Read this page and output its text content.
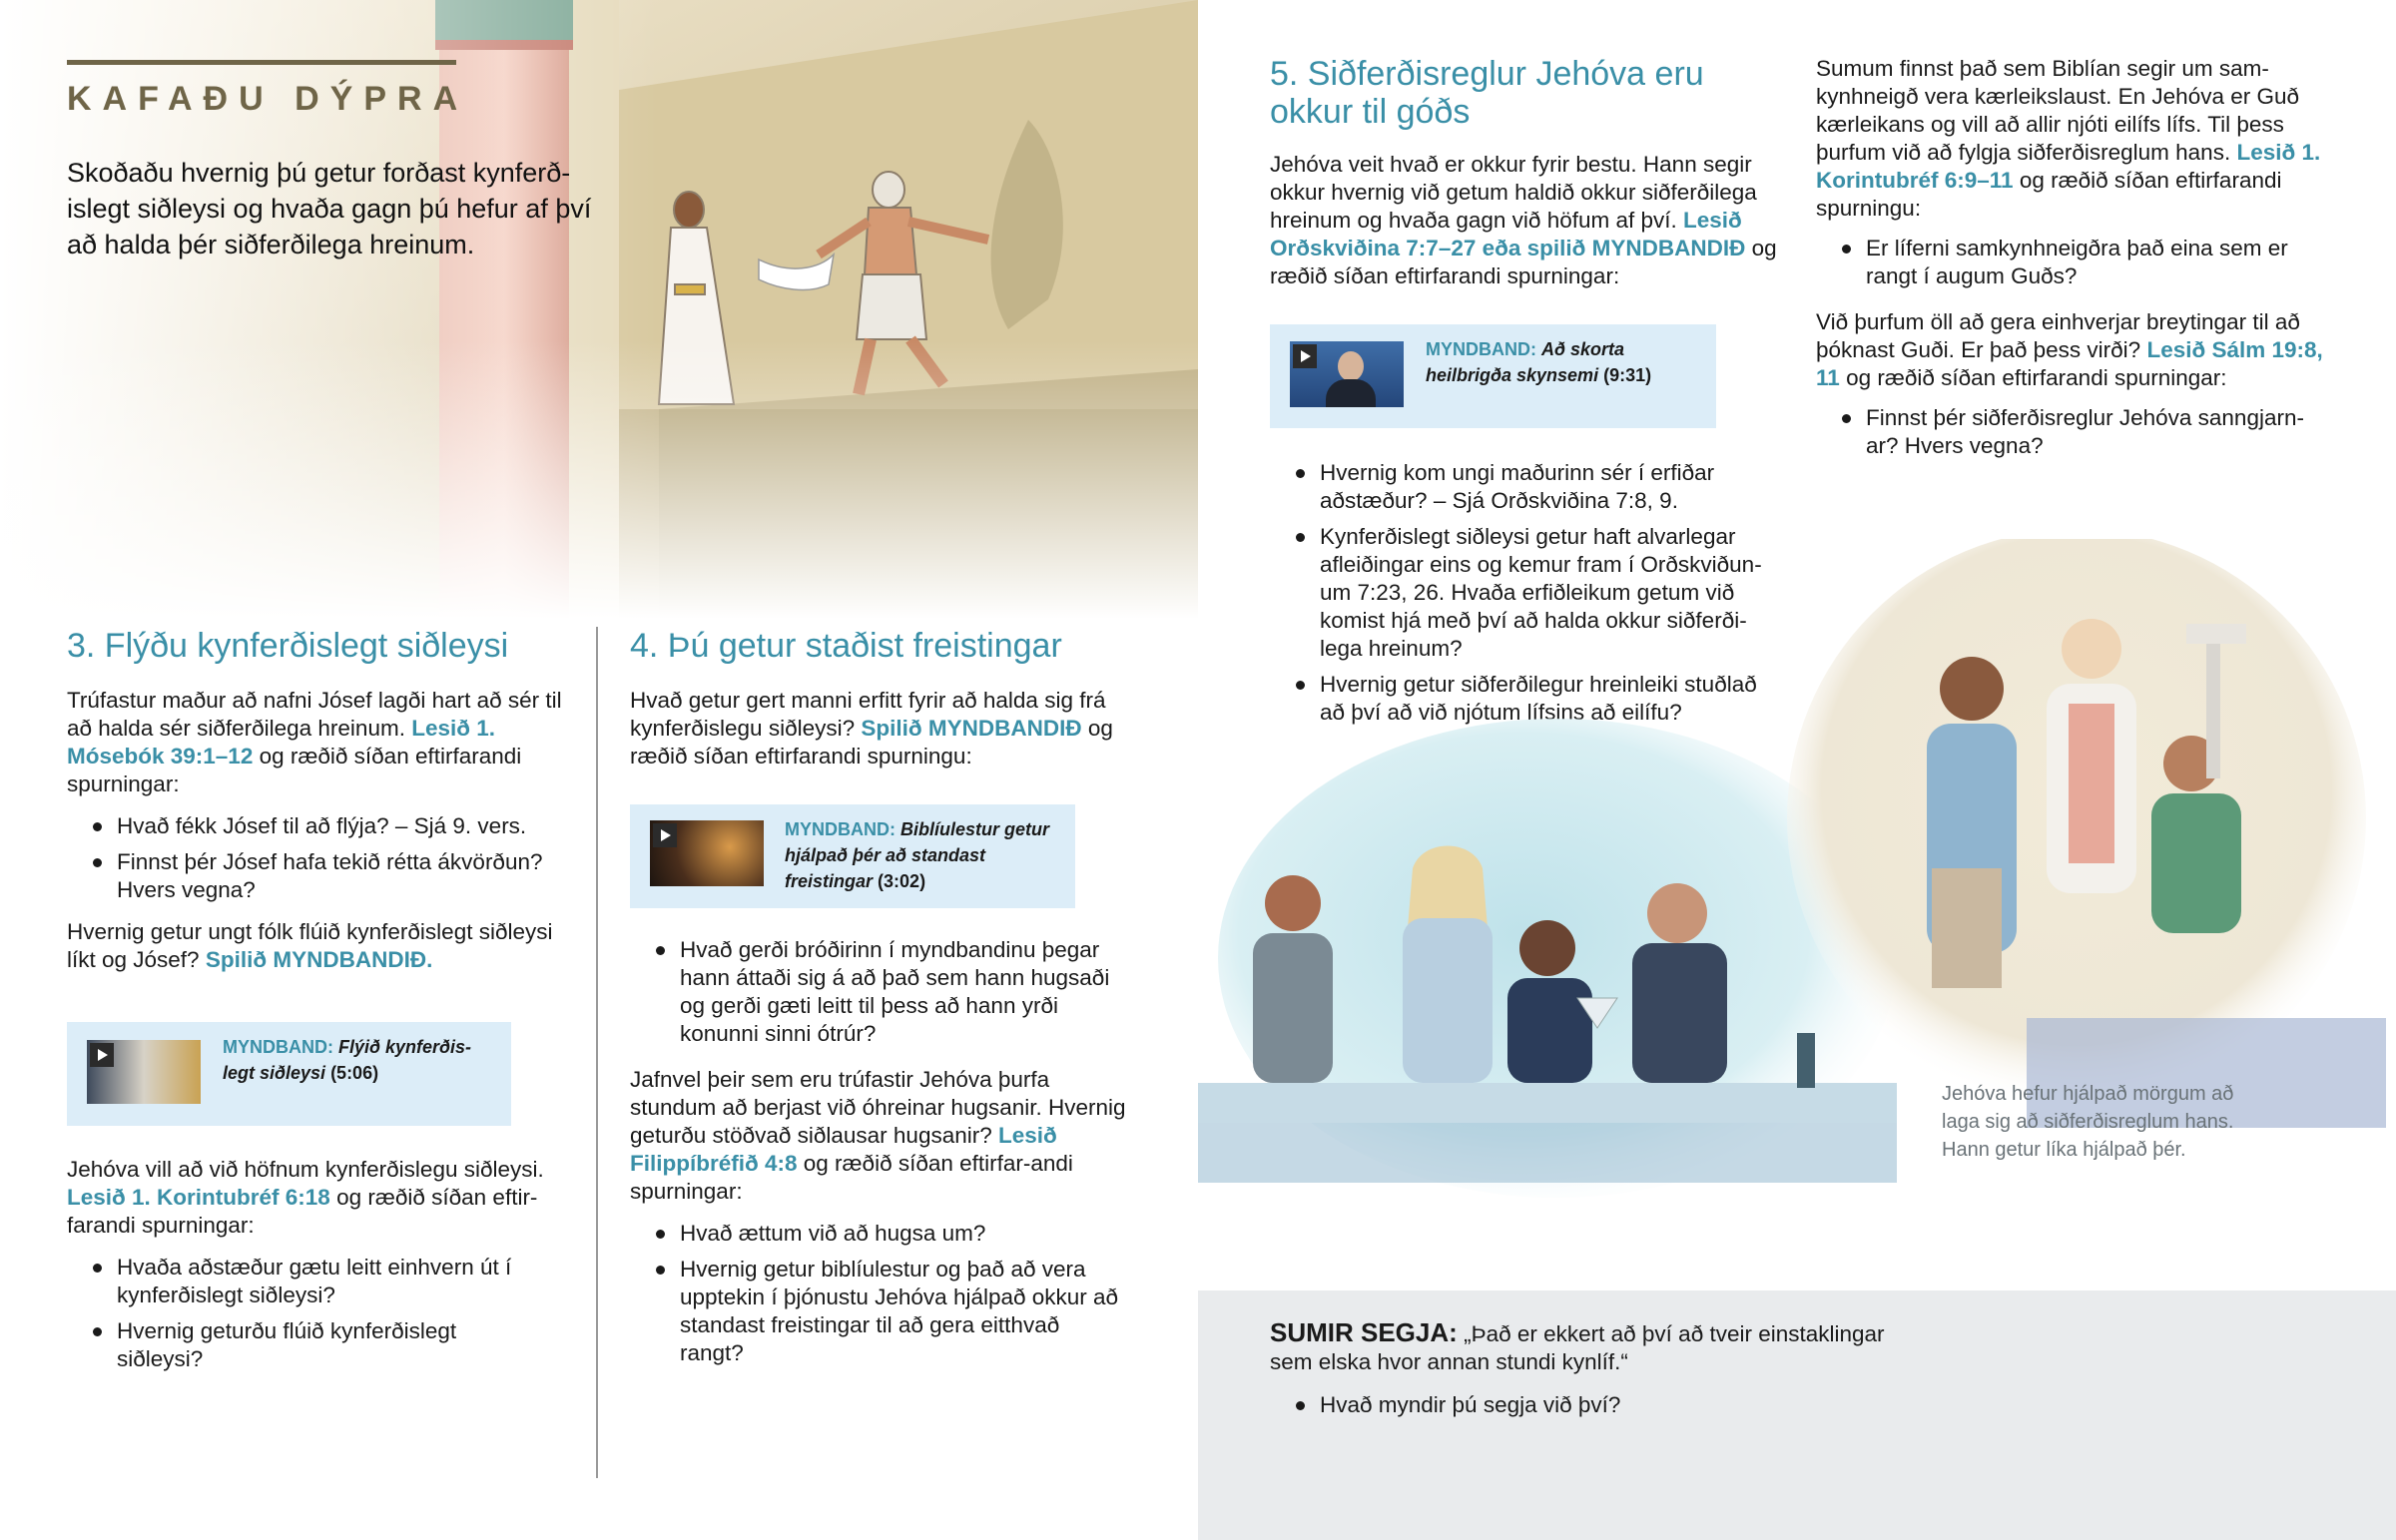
KAFAÐU DÝPRA
Skoðaðu hvernig þú getur forðast kynferð-islegt siðleysi og hvaða gagn þú hefur af því að halda þér siðferðilega hreinum.
3. Flýðu kynferðislegt siðleysi

Trúfastur maður að nafni Jósef lagði hart að sér til að halda sér siðferðilega hreinum. Lesið 1. Mósebók 39:1–12 og ræðið síðan eftirfarandi spurningar:

Hvað fékk Jósef til að flýja? – Sjá 9. vers.
Finnst þér Jósef hafa tekið rétta ákvörðun? Hvers vegna?

Hvernig getur ungt fólk flúið kynferðislegt siðleysi líkt og Jósef? Spilið MYNDBANDIÐ.

MYNDBAND: Flýið kynferðis-legt siðleysi (5:06)

Jehóva vill að við höfnum kynferðislegu siðleysi. Lesið 1. Korintubréf 6:18 og ræðið síðan eftir-farandi spurningar:

Hvaða aðstæður gætu leitt einhvern út í kynferðislegt siðleysi?
Hvernig geturðu flúið kynferðislegt siðleysi?
4. Þú getur staðist freistingar

Hvað getur gert manni erfitt fyrir að halda sig frá kynferðislegu siðleysi? Spilið MYNDBANDIÐ og ræðið síðan eftirfarandi spurningu:

MYNDBAND: Biblíulestur getur hjálpað þér að standast freistingar (3:02)
Hvað gerði bróðirinn í myndbandinu þegar hann áttaði sig á að það sem hann hugsaði og gerði gæti leitt til þess að hann yrði konunni sinni ótrúr?

Jafnvel þeir sem eru trúfastir Jehóva þurfa stundum að berjast við óhreinar hugsanir. Hvernig geturðu stöðvað siðlausar hugsanir? Lesið Filippíbréfið 4:8 og ræðið síðan eftirfar-andi spurningar:

Hvað ættum við að hugsa um?
Hvernig getur biblíulestur og það að vera upptekin í þjónustu Jehóva hjálpað okkur að standast freistingar til að gera eitthvað rangt?
5. Siðferðisreglur Jehóva eru okkur til góðs

Jehóva veit hvað er okkur fyrir bestu. Hann segir okkur hvernig við getum haldið okkur siðferðilega hreinum og hvaða gagn við höfum af því. Lesið Orðskviðina 7:7–27 eða spilið MYNDBANDIÐ og ræðið síðan eftirfarandi spurningar:

MYNDBAND: Að skorta heilbrigða skynsemi (9:31)
Hvernig kom ungi maðurinn sér í erfiðar aðstæður? – Sjá Orðskviðina 7:8, 9.
Kynferðislegt siðleysi getur haft alvarlegar afleiðingar eins og kemur fram í Orðskviðun-um 7:23, 26. Hvaða erfiðleikum getum við komist hjá með því að halda okkur siðferði-lega hreinum?
Hvernig getur siðferðilegur hreinleiki stuðlað að því að við njótum lífsins að eilífu?

Sumum finnst það sem Biblían segir um sam-kynhneigð vera kærleikslaust. En Jehóva er Guð kærleikans og vill að allir njóti eilífs lífs. Til þess þurfum við að fylgja siðferðisreglum hans. Lesið 1. Korintubréf 6:9–11 og ræðið síðan eftirfarandi spurningu:

Er líferni samkynhneigðra það eina sem er rangt í augum Guðs?

Við þurfum öll að gera einhverjar breytingar til að þóknast Guði. Er það þess virði? Lesið Sálm 19:8, 11 og ræðið síðan eftirfarandi spurningar:

Finnst þér siðferðisreglur Jehóva sanngjarn-ar? Hvers vegna?
Jehóva hefur hjálpað mörgum að laga sig að siðferðisreglum hans. Hann getur líka hjálpað þér.

SUMIR SEGJA: „Það er ekkert að því að tveir einstaklingar sem elska hvor annan stundi kynlíf.“

Hvað myndir þú segja við því?
